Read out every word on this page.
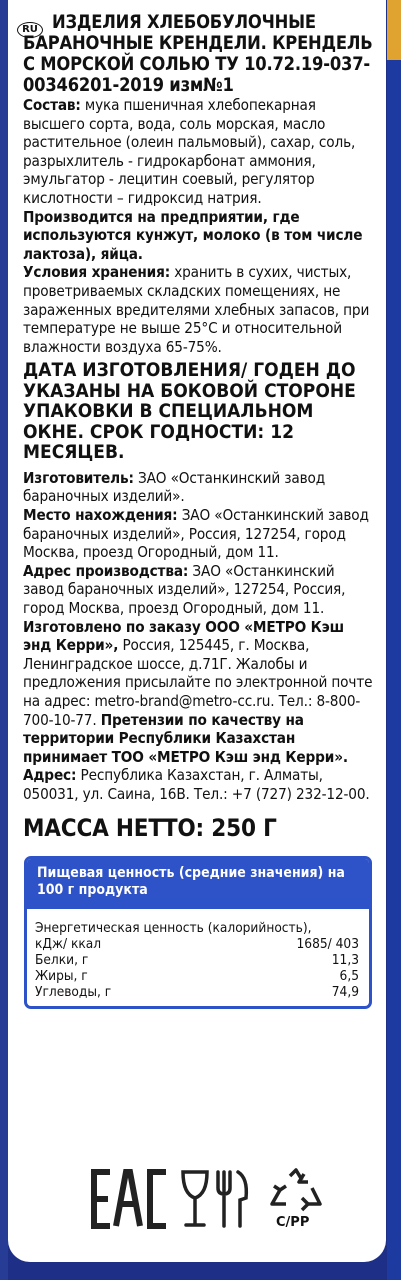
ИЗДЕЛИЯ ХЛЕБОБУЛОЧНЫЕ БАРАНОЧНЫЕ КРЕНДЕЛИ. КРЕНДЕЛЬ С МОРСКОЙ СОЛЬЮ ТУ 10.72.19-037-00346201-2019 изм№1

Состав: мука пшеничная хлебопекарная высшего сорта, вода, соль морская, масло растительное (олеин пальмовый), сахар, соль, разрыхлитель - гидрокарбонат аммония, эмульгатор - лецитин соевый, регулятор кислотности – гидроксид натрия.

Производится на предприятии, где используются кунжут, молоко (в том числе лактоза), яйца.

Условия хранения: хранить в сухих, чистых, проветриваемых складских помещениях, не зараженных вредителями хлебных запасов, при температуре не выше 25°C и относительной влажности воздуха 65-75%.

ДАТА ИЗГОТОВЛЕНИЯ/ ГОДЕН ДО УКАЗАНЫ НА БОКОВОЙ СТОРОНЕ УПАКОВКИ В СПЕЦИАЛЬНОМ ОКНЕ. СРОК ГОДНОСТИ: 12 МЕСЯЦЕВ.

Изготовитель: ЗАО «Останкинский завод бараночных изделий».

Место нахождения: ЗАО «Останкинский завод бараночных изделий», Россия, 127254, город Москва, проезд Огородный, дом 11.

Адрес производства: ЗАО «Останкинский завод бараночных изделий», 127254, Россия, город Москва, проезд Огородный, дом 11.

Изготовлено по заказу ООО «МЕТРО Кэш энд Керри», Россия, 125445, г. Москва, Ленинградское шоссе, д.71Г. Жалобы и предложения присылайте по электронной почте на адрес: metro-brand@metro-cc.ru. Тел.: 8-800-700-10-77. Претензии по качеству на территории Республики Казахстан принимает ТОО «МЕТРО Кэш энд Керри». Адрес: Республика Казахстан, г. Алматы, 050031, ул. Саина, 16В. Тел.: +7 (727) 232-12-00.

МАССА НЕТТО: 250 Г

Пищевая ценность (средние значения) на 100 г продукта
Энергетическая ценность (калорийность),
кДж/ ккал	1685/ 403
Белки, г	11,3
Жиры, г	6,5
Углеводы, г	74,9
RU
C/PP
